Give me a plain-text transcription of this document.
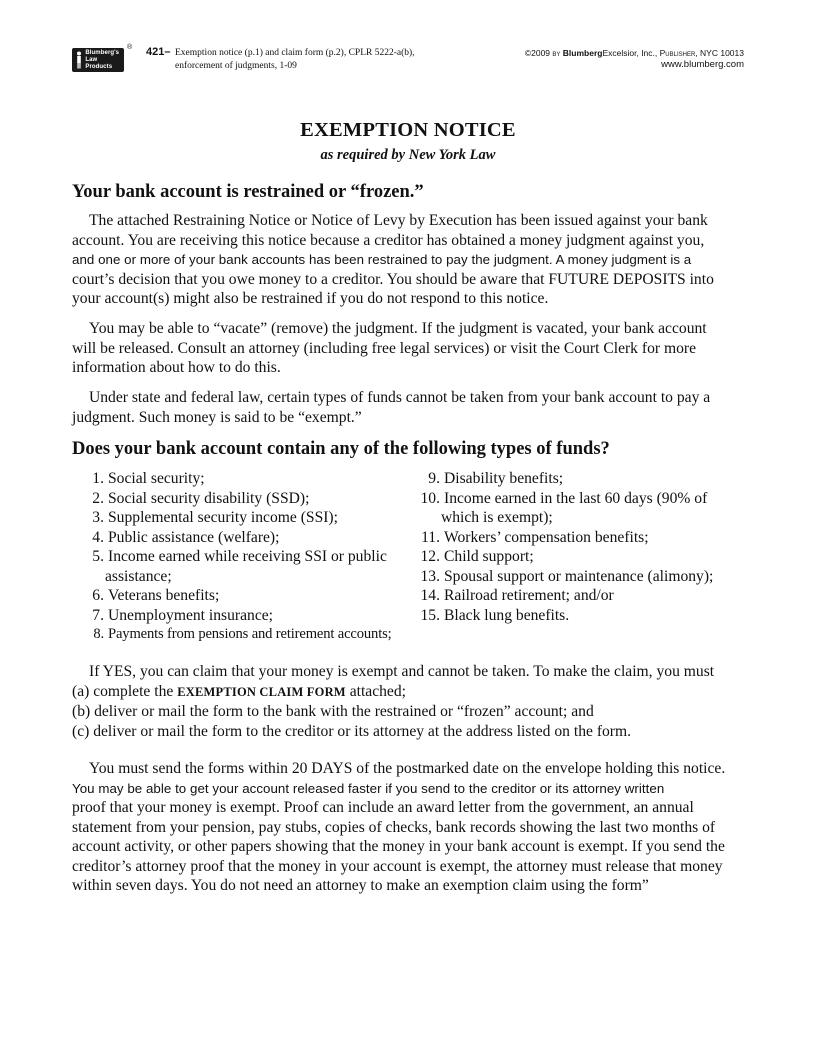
Blumberg's
Law Products
® 421– Exemption notice (p.1) and claim form (p.2), CPLR 5222-a(b),
enforcement of judgments, 1-09
©2009 by BlumbergExcelsior, Inc., Publisher, NYC 10013
www.blumberg.com
EXEMPTION NOTICE
as required by New York Law
Your bank account is restrained or “frozen.”
The attached Restraining Notice or Notice of Levy by Execution has been issued against your bank
account. You are receiving this notice because a creditor has obtained a money judgment against you,
and one or more of your bank accounts has been restrained to pay the judgment. A money judgment is a
court’s decision that you owe money to a creditor. You should be aware that FUTURE DEPOSITS into
your account(s) might also be restrained if you do not respond to this notice.
You may be able to “vacate” (remove) the judgment. If the judgment is vacated, your bank account
will be released. Consult an attorney (including free legal services) or visit the Court Clerk for more
information about how to do this.
Under state and federal law, certain types of funds cannot be taken from your bank account to pay a
judgment. Such money is said to be “exempt.”
Does your bank account contain any of the following types of funds?
1. Social security;
2. Social security disability (SSD);
3. Supplemental security income (SSI);
4. Public assistance (welfare);
5. Income earned while receiving SSI or public
assistance;
6. Veterans benefits;
7. Unemployment insurance;
8. Payments from pensions and retirement accounts;
9. Disability benefits;
10. Income earned in the last 60 days (90% of
which is exempt);
11. Workers’ compensation benefits;
12. Child support;
13. Spousal support or maintenance (alimony);
14. Railroad retirement; and/or
15. Black lung benefits.
If YES, you can claim that your money is exempt and cannot be taken. To make the claim, you must
(a) complete the EXEMPTION CLAIM FORM attached;
(b) deliver or mail the form to the bank with the restrained or “frozen” account; and
(c) deliver or mail the form to the creditor or its attorney at the address listed on the form.
You must send the forms within 20 DAYS of the postmarked date on the envelope holding this notice.
You may be able to get your account released faster if you send to the creditor or its attorney written
proof that your money is exempt. Proof can include an award letter from the government, an annual
statement from your pension, pay stubs, copies of checks, bank records showing the last two months of
account activity, or other papers showing that the money in your bank account is exempt. If you send the
creditor’s attorney proof that the money in your account is exempt, the attorney must release that money
within seven days. You do not need an attorney to make an exemption claim using the form”
